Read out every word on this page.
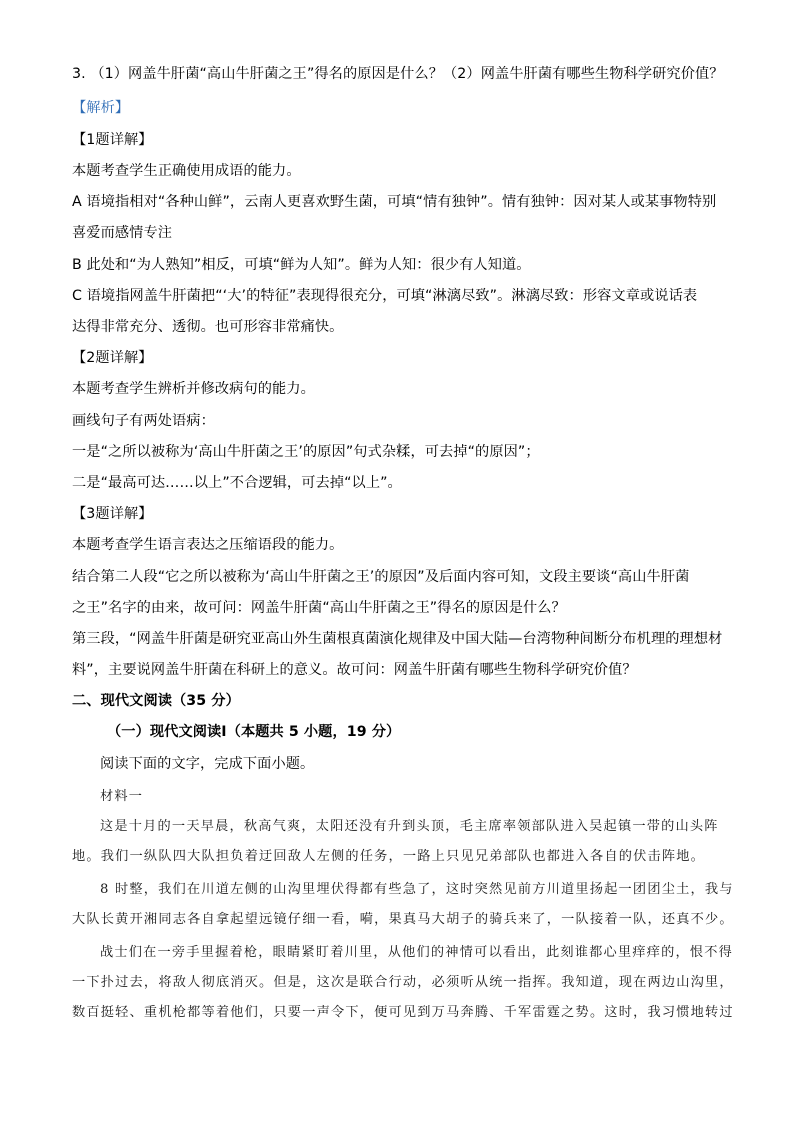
3. （1）网盖牛肝菌“高山牛肝菌之王”得名的原因是什么？（2）网盖牛肝菌有哪些生物科学研究价值？
【解析】
【1题详解】
本题考查学生正确使用成语的能力。
A 语境指相对“各种山鲜”，云南人更喜欢野生菌，可填“情有独钟”。情有独钟：因对某人或某事物特别
喜爱而感情专注
B 此处和“为人熟知”相反，可填“鲜为人知”。鲜为人知：很少有人知道。
C 语境指网盖牛肝菌把“‘大’的特征”表现得很充分，可填“淋漓尽致”。淋漓尽致：形容文章或说话表
达得非常充分、透彻。也可形容非常痛快。
【2题详解】
本题考查学生辨析并修改病句的能力。
画线句子有两处语病：
一是“之所以被称为‘高山牛肝菌之王’的原因”句式杂糅，可去掉“的原因”；
二是“最高可达……以上”不合逻辑，可去掉“以上”。
【3题详解】
本题考查学生语言表达之压缩语段的能力。
结合第二人段“它之所以被称为‘高山牛肝菌之王’的原因”及后面内容可知，文段主要谈“高山牛肝菌
之王”名字的由来，故可问：网盖牛肝菌“高山牛肝菌之王”得名的原因是什么？
第三段，“网盖牛肝菌是研究亚高山外生菌根真菌演化规律及中国大陆—台湾物种间断分布机理的理想材
料”，主要说网盖牛肝菌在科研上的意义。故可问：网盖牛肝菌有哪些生物科学研究价值？
二、现代文阅读（35 分）
（一）现代文阅读Ⅰ（本题共 5 小题，19 分）
阅读下面的文字，完成下面小题。
材料一
这是十月的一天早晨，秋高气爽，太阳还没有升到头顶，毛主席率领部队进入吴起镇一带的山头阵
地。我们一纵队四大队担负着迂回敌人左侧的任务，一路上只见兄弟部队也都进入各自的伏击阵地。
8 时整，我们在川道左侧的山沟里埋伏得都有些急了，这时突然见前方川道里扬起一团团尘土，我与
大队长黄开湘同志各自拿起望远镜仔细一看，嗬，果真马大胡子的骑兵来了，一队接着一队，还真不少。
战士们在一旁手里握着枪，眼睛紧盯着川里，从他们的神情可以看出，此刻谁都心里痒痒的，恨不得
一下扑过去，将敌人彻底消灭。但是，这次是联合行动，必须听从统一指挥。我知道，现在两边山沟里，
数百挺轻、重机枪都等着他们，只要一声令下，便可见到万马奔腾、千军雷霆之势。这时，我习惯地转过
